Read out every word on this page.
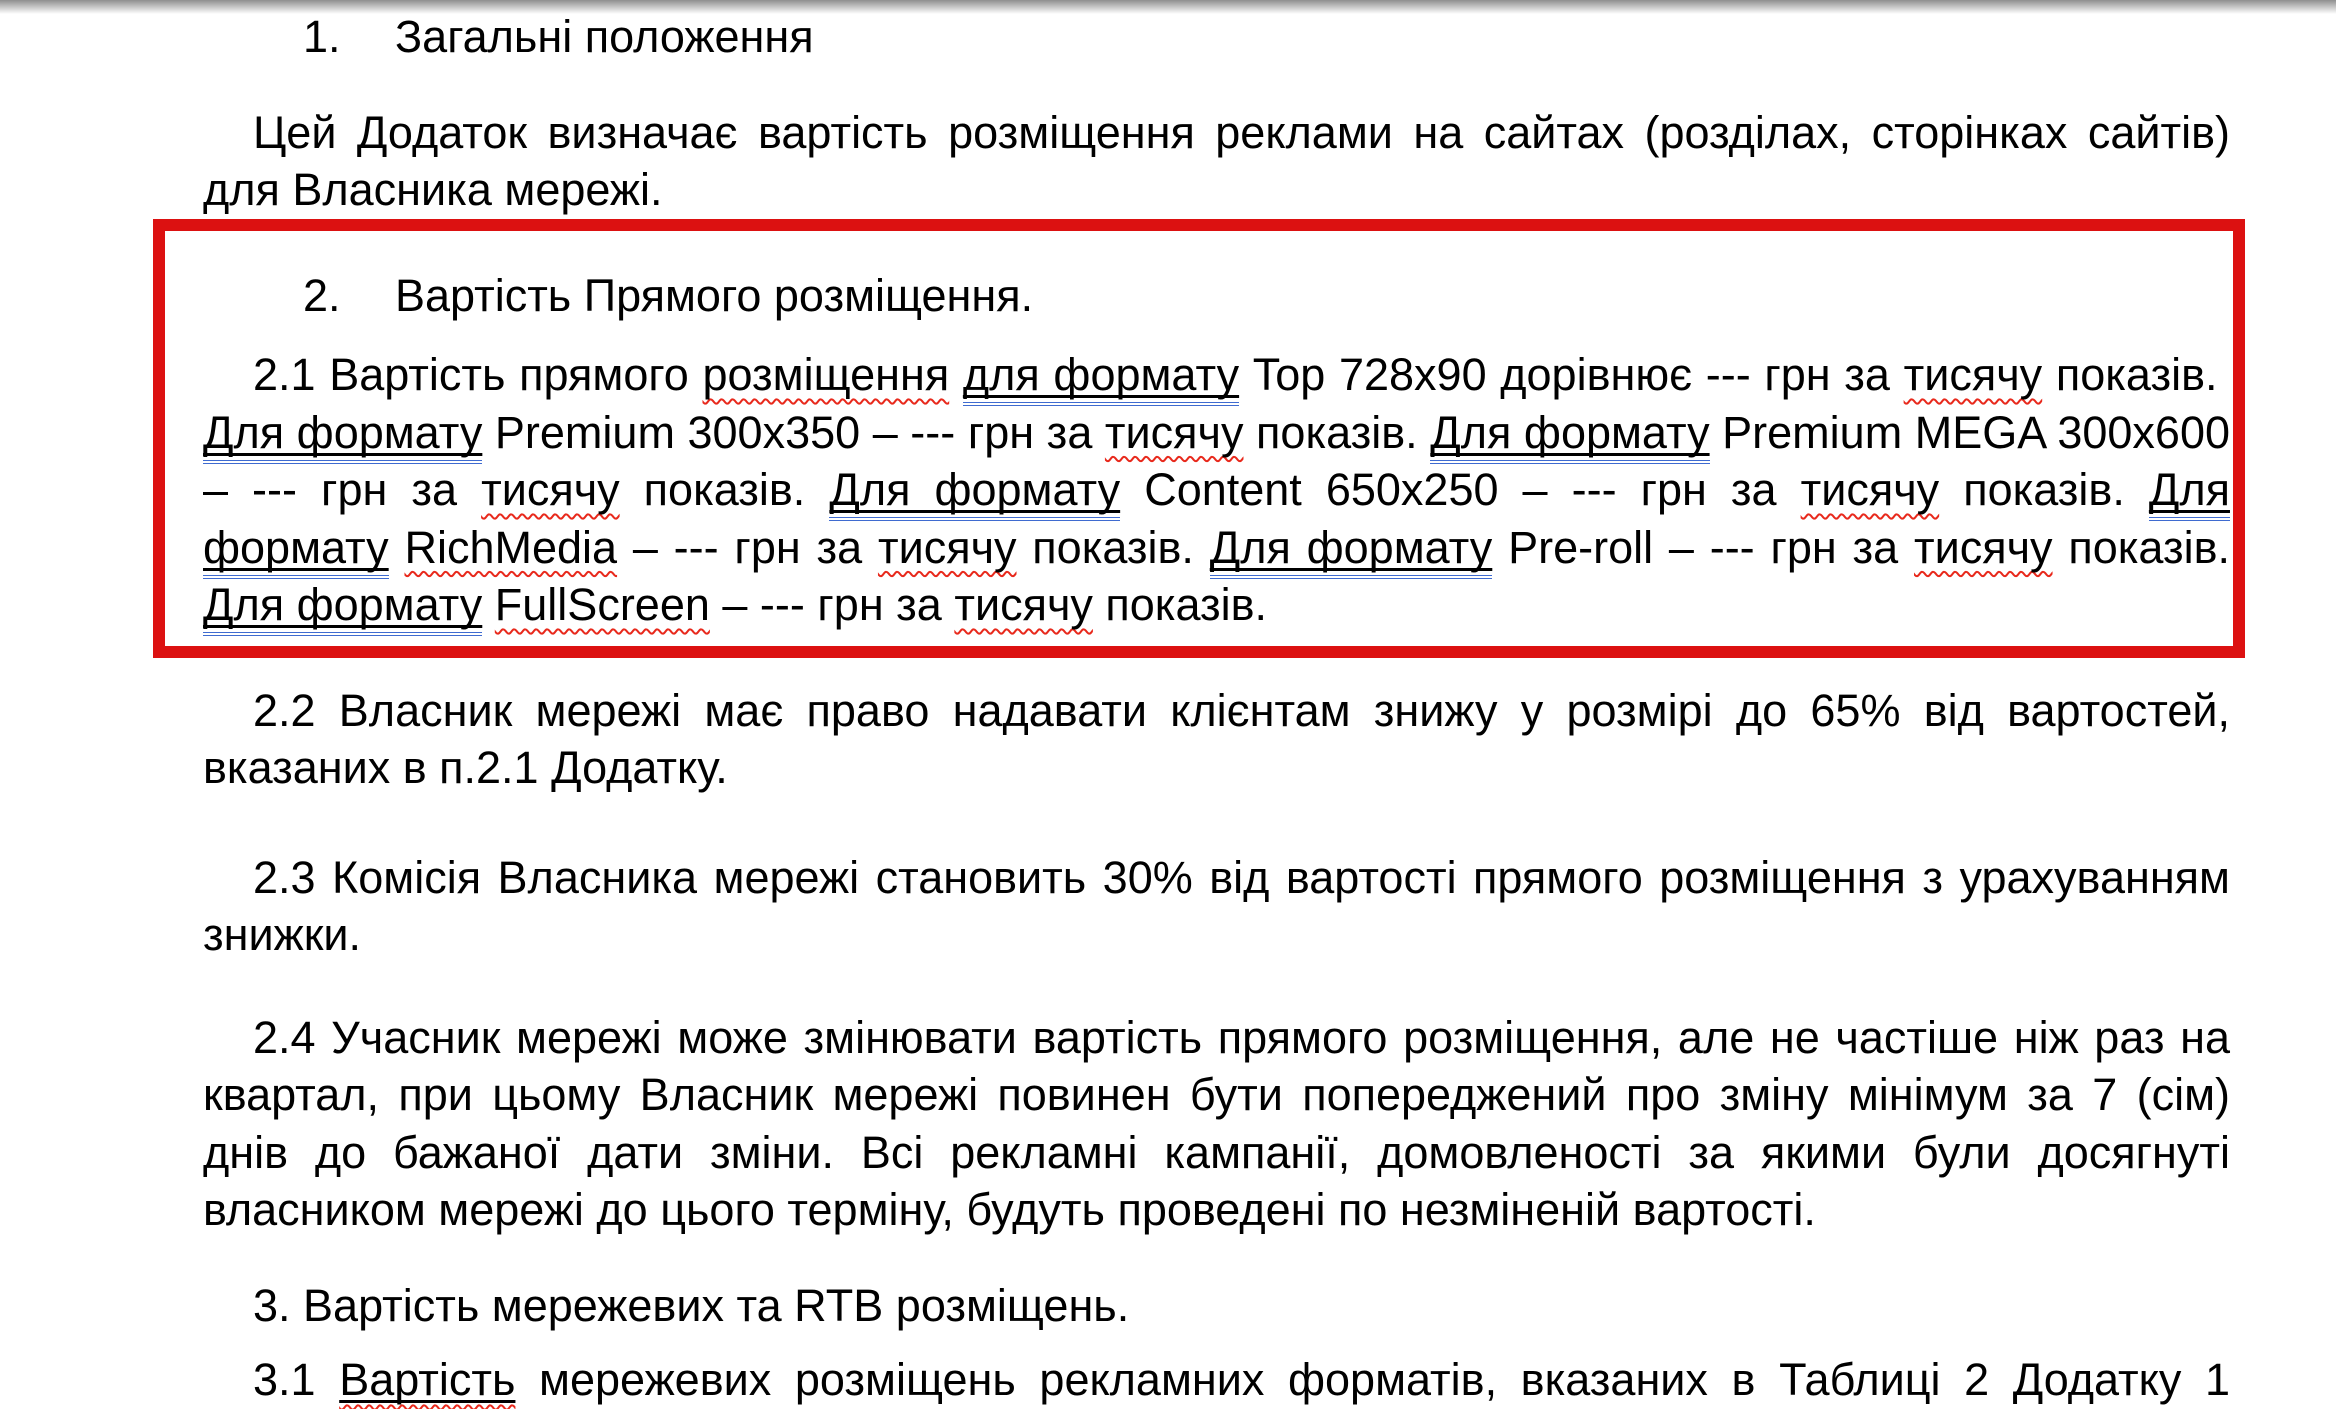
1. Загальні положення

Цей Додаток визначає вартість розміщення реклами на сайтах (розділах, сторінках сайтів) для Власника мережі.

2. Вартість Прямого розміщення.

2.1 Вартість прямого розміщення для формату Top 728x90 дорівнює --- грн за тисячу показів.  Для формату Premium 300x350 – --- грн за тисячу показів. Для формату Premium MEGA 300x600 – --- грн за тисячу показів. Для формату Content 650x250 – --- грн за тисячу показів. Для формату RichMedia – --- грн за тисячу показів. Для формату Pre-roll – --- грн за тисячу показів. Для формату FullScreen – --- грн за тисячу показів.

2.2 Власник мережі має право надавати клієнтам знижу у розмірі до 65% від вартостей, вказаних в п.2.1 Додатку.

2.3 Комісія Власника мережі становить 30% від вартості прямого розміщення з урахуванням знижки.

2.4 Учасник мережі може змінювати вартість прямого розміщення, але не частіше ніж раз на квартал, при цьому Власник мережі повинен бути попереджений про зміну мінімум за 7 (сім) днів до бажаної дати зміни. Всі рекламні кампанії, домовленості за якими були досягнуті власником мережі до цього терміну, будуть проведені по незміненій вартості.

3. Вартість мережевих та RTB розміщень.

3.1 Вартість мережевих розміщень рекламних форматів, вказаних в Таблиці 2 Додатку 1
